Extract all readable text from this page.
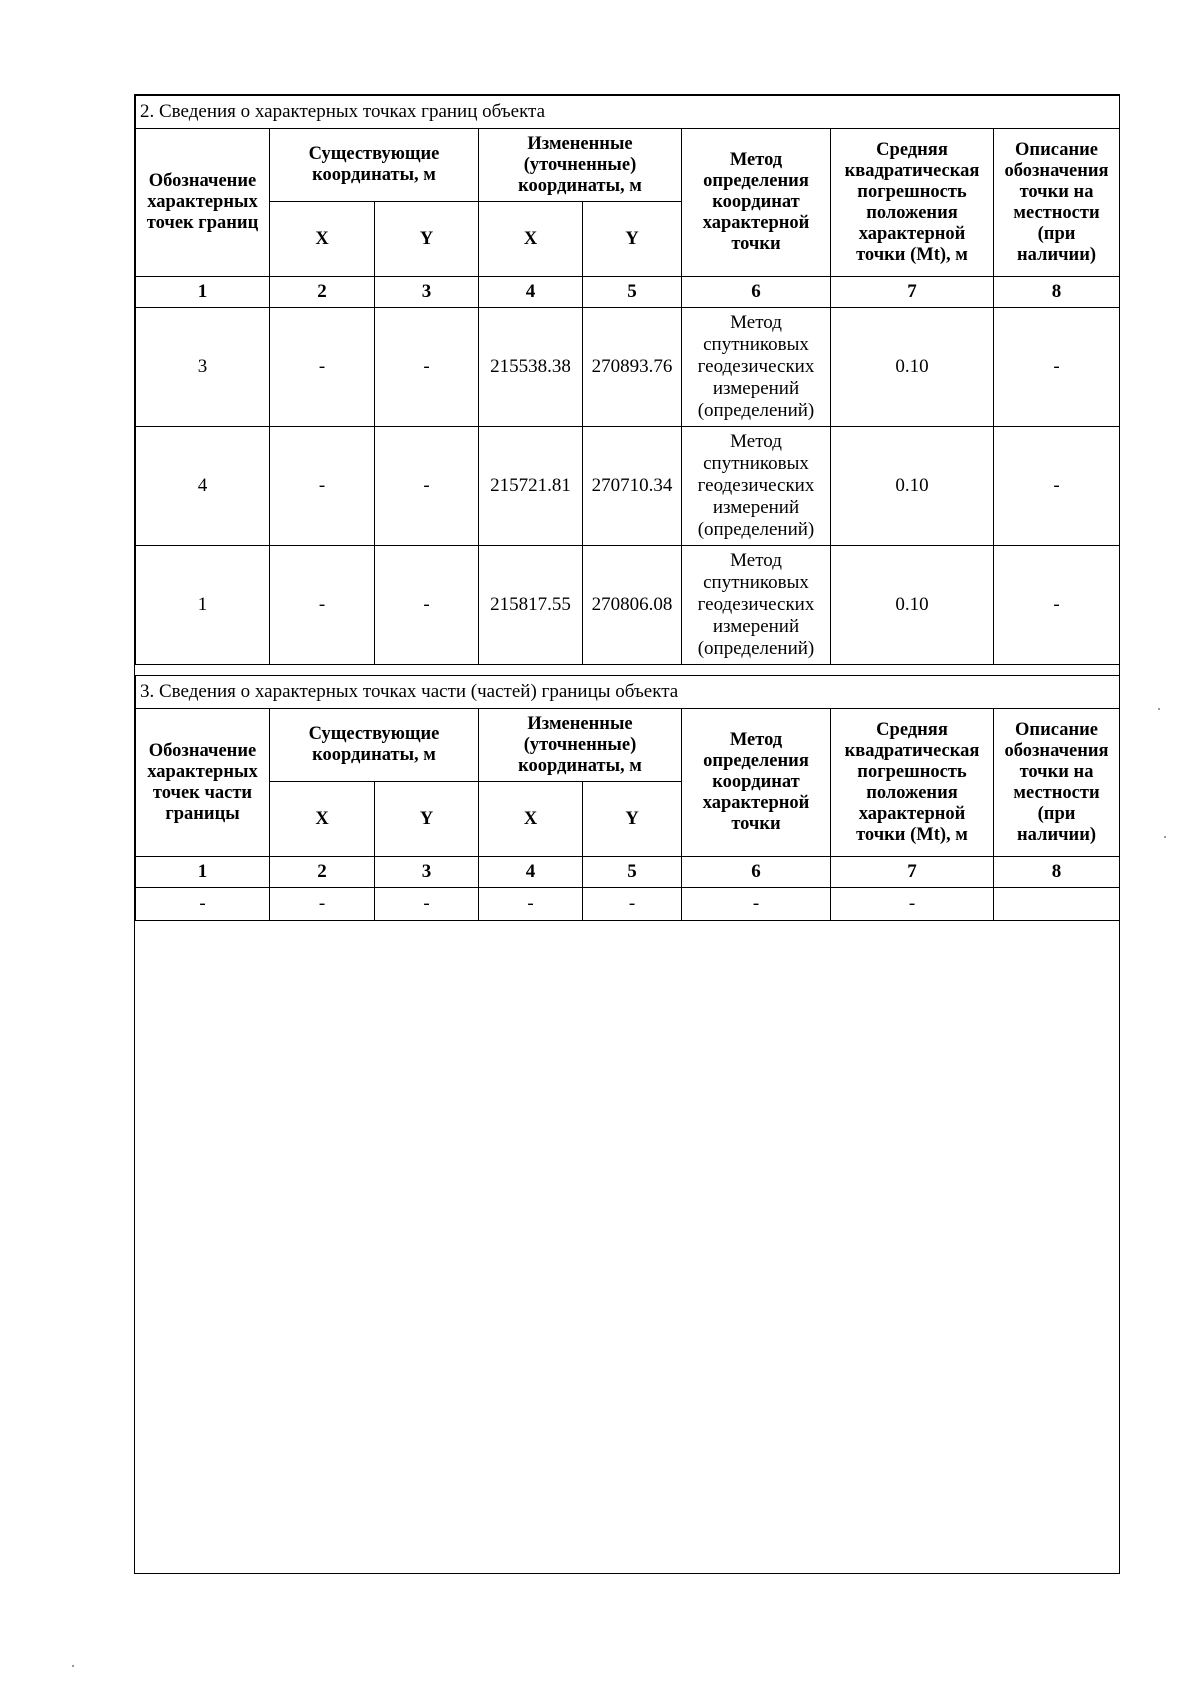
2. Сведения о характерных точках границ объекта							
Обозначение характерных точек границ	Существующие координаты, м		Измененные (уточненные) координаты, м		Метод определения координат характерной точки	Средняя квадратическая погрешность положения характерной точки (Mt), м	Описание обозначения точки на местности (при наличии)
	X	Y	X	Y			
1	2	3	4	5	6	7	8
3	-	-	215538.38	270893.76	Метод спутниковых геодезических измерений (определений)	0.10	-
4	-	-	215721.81	270710.34	Метод спутниковых геодезических измерений (определений)	0.10	-
1	-	-	215817.55	270806.08	Метод спутниковых геодезических измерений (определений)	0.10	-
3. Сведения о характерных точках части (частей) границы объекта							
Обозначение характерных точек части границы	Существующие координаты, м		Измененные (уточненные) координаты, м		Метод определения координат характерной точки	Средняя квадратическая погрешность положения характерной точки (Mt), м	Описание обозначения точки на местности (при наличии)
	X	Y	X	Y			
1	2	3	4	5	6	7	8
-	-	-	-	-	-	-	
